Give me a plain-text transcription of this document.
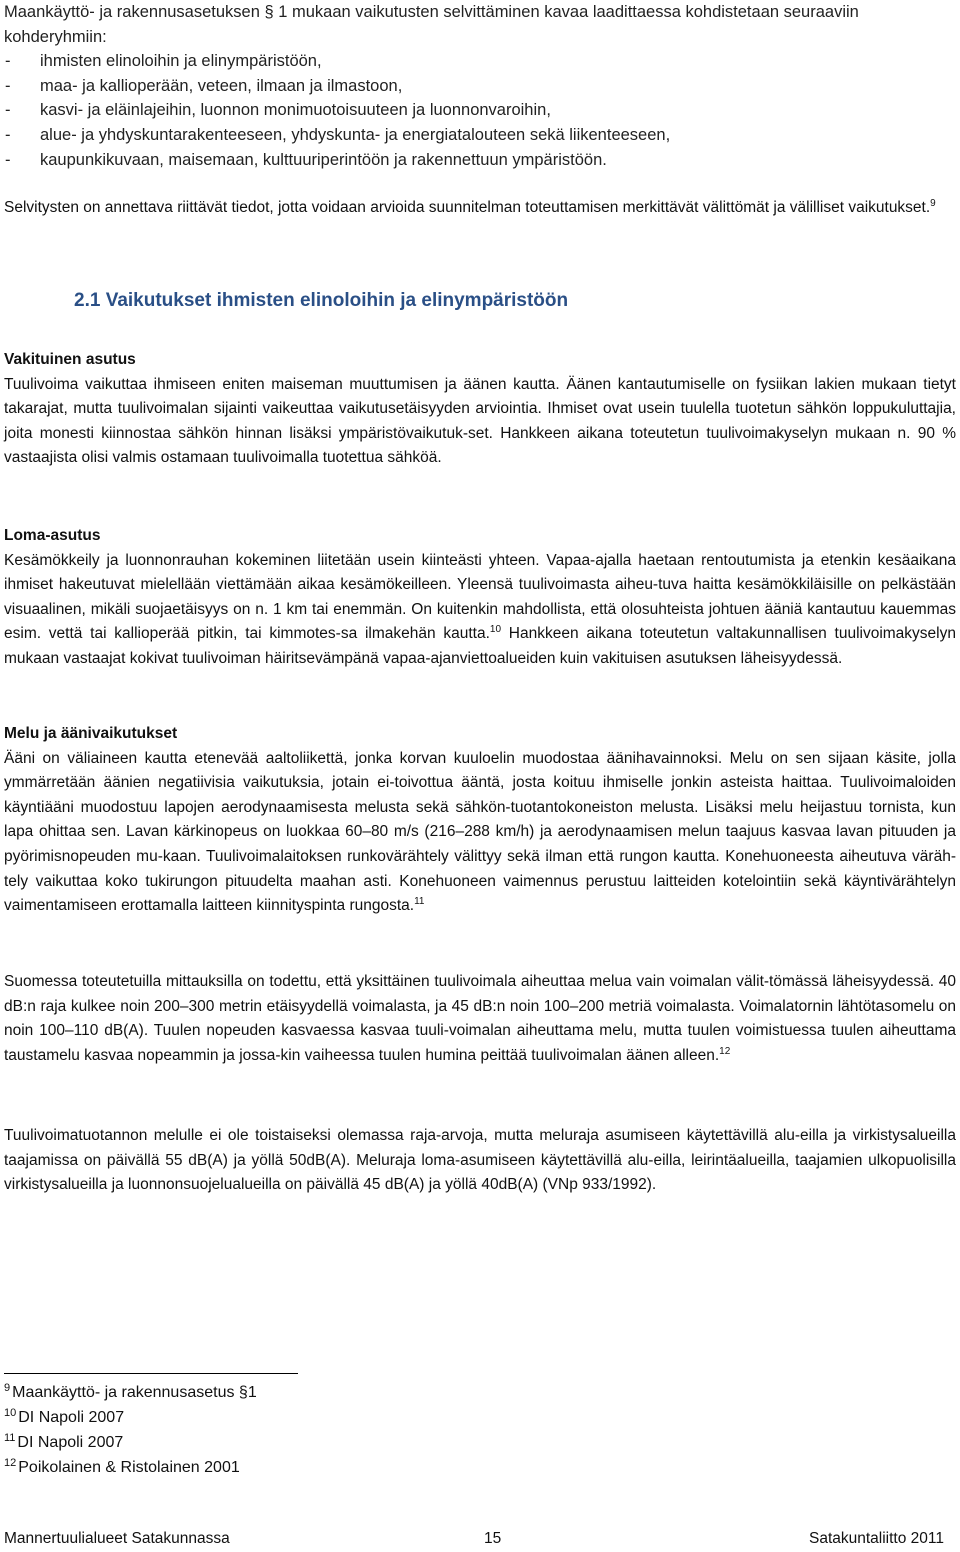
Maankäyttö- ja rakennusasetuksen § 1 mukaan vaikutusten selvittäminen kavaa laadittaessa kohdistetaan seuraaviin kohderyhmiin:

- ihmisten elinoloihin ja elinympäristöön,
- maa- ja kallioperään, veteen, ilmaan ja ilmastoon,
- kasvi- ja eläinlajeihin, luonnon monimuotoisuuteen ja luonnonvaroihin,
- alue- ja yhdyskuntarakenteeseen, yhdyskunta- ja energiatalouteen sekä liikenteeseen,
- kaupunkikuvaan, maisemaan, kulttuuriperintöön ja rakennettuun ympäristöön.

Selvitysten on annettava riittävät tiedot, jotta voidaan arvioida suunnitelman toteuttamisen merkittävät välittömät ja välilliset vaikutukset.$^9$

2.1 Vaikutukset ihmisten elinoloihin ja elinympäristöön

Vakituinen asutus

Tuulivoima vaikuttaa ihmiseen eniten maiseman muuttumisen ja äänen kautta. Äänen kantautumiselle on fysiikan lakien mukaan tietyt takarajat, mutta tuulivoimalan sijainti vaikeuttaa vaikutusetäisyyden arviointia. Ihmiset ovat usein tuulella tuotetun sähkön loppukuluttajia, joita monesti kiinnostaa sähkön hinnan lisäksi ympäristövaikutuk-set. Hankkeen aikana toteutetun tuulivoimakyselyn mukaan n. 90 % vastaajista olisi valmis ostamaan tuulivoimalla tuotettua sähköä.

Loma-asutus

Kesämökkeily ja luonnonrauhan kokeminen liitetään usein kiinteästi yhteen. Vapaa-ajalla haetaan rentoutumista ja etenkin kesäaikana ihmiset hakeutuvat mielellään viettämään aikaa kesämökeilleen. Yleensä tuulivoimasta aiheu-tuva haitta kesämökkiläisille on pelkästään visuaalinen, mikäli suojaetäisyys on n. 1 km tai enemmän. On kuitenkin mahdollista, että olosuhteista johtuen ääniä kantautuu kauemmas esim. vettä tai kallioperää pitkin, tai kimmotes-sa ilmakehän kautta.$^{10}$ Hankkeen aikana toteutetun valtakunnallisen tuulivoimakyselyn mukaan vastaajat kokivat tuulivoiman häiritsevämpänä vapaa-ajanviettoalueiden kuin vakituisen asutuksen läheisyydessä.

Melu ja äänivaikutukset

Ääni on väliaineen kautta etenevää aaltoliikettä, jonka korvan kuuloelin muodostaa äänihavainnoksi. Melu on sen sijaan käsite, jolla ymmärretään äänien negatiivisia vaikutuksia, jotain ei-toivottua ääntä, josta koituu ihmiselle jonkin asteista haittaa. Tuulivoimaloiden käyntiääni muodostuu lapojen aerodynaamisesta melusta sekä sähkön-tuotantokoneiston melusta. Lisäksi melu heijastuu tornista, kun lapa ohittaa sen. Lavan kärkinopeus on luokkaa 60–80 m/s (216–288 km/h) ja aerodynaamisen melun taajuus kasvaa lavan pituuden ja pyörimisnopeuden mu-kaan. Tuulivoimalaitoksen runkovärähtely välittyy sekä ilman että rungon kautta. Konehuoneesta aiheutuva väräh-tely vaikuttaa koko tukirungon pituudelta maahan asti. Konehuoneen vaimennus perustuu laitteiden kotelointiin sekä käyntivärähtelyn vaimentamiseen erottamalla laitteen kiinnityspinta rungosta.$^{11}$

Suomessa toteutetuilla mittauksilla on todettu, että yksittäinen tuulivoimala aiheuttaa melua vain voimalan välit-tömässä läheisyydessä. 40 dB:n raja kulkee noin 200–300 metrin etäisyydellä voimalasta, ja 45 dB:n noin 100–200 metriä voimalasta. Voimalatornin lähtötasomelu on noin 100–110 dB(A). Tuulen nopeuden kasvaessa kasvaa tuuli-voimalan aiheuttama melu, mutta tuulen voimistuessa tuulen aiheuttama taustamelu kasvaa nopeammin ja jossa-kin vaiheessa tuulen humina peittää tuulivoimalan äänen alleen.$^{12}$

Tuulivoimatuotannon melulle ei ole toistaiseksi olemassa raja-arvoja, mutta meluraja asumiseen käytettävillä alu-eilla ja virkistysalueilla taajamissa on päivällä 55 dB(A) ja yöllä 50dB(A). Meluraja loma-asumiseen käytettävillä alu-eilla, leirintäalueilla, taajamien ulkopuolisilla virkistysalueilla ja luonnonsuojelualueilla on päivällä 45 dB(A) ja yöllä 40dB(A) (VNp 933/1992).

$^9$ Maankäyttö- ja rakennusasetus §1

$^{10}$ DI Napoli 2007

$^{11}$ DI Napoli 2007

$^{12}$ Poikolainen & Ristolainen 2001

Mannertuulialueet Satakunnassa	15	Satakuntaliitto 2011
